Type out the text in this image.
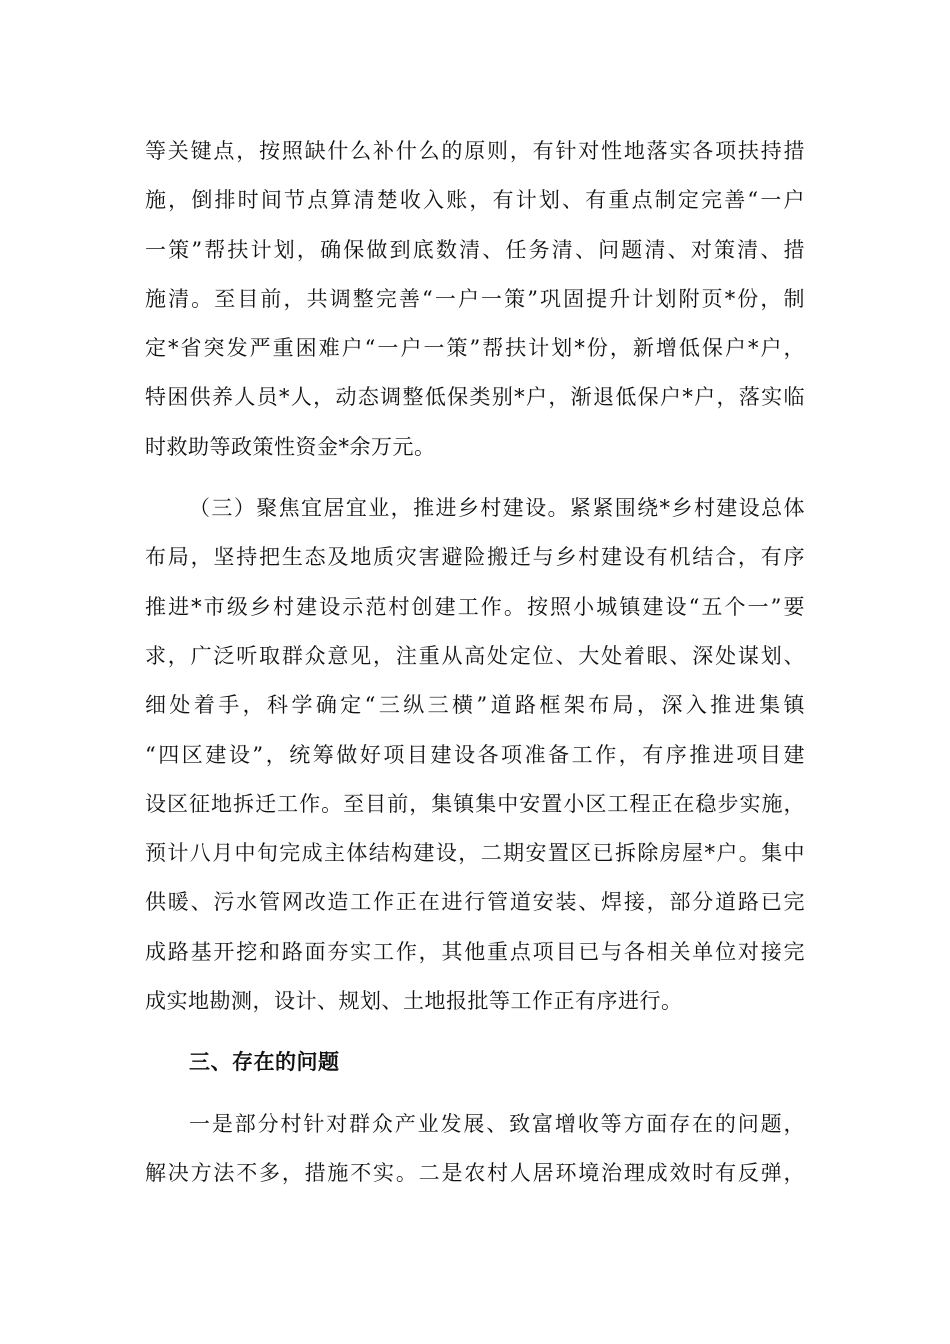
等关键点，按照缺什么补什么的原则，有针对性地落实各项扶持措
施，倒排时间节点算清楚收入账，有计划、有重点制定完善“一户
一策”帮扶计划，确保做到底数清、任务清、问题清、对策清、措
施清。至目前，共调整完善“一户一策”巩固提升计划附页*份，制
定*省突发严重困难户“一户一策”帮扶计划*份，新增低保户*户，
特困供养人员*人，动态调整低保类别*户，渐退低保户*户，落实临
时救助等政策性资金*余万元。
（三）聚焦宜居宜业，推进乡村建设。紧紧围绕*乡村建设总体
布局，坚持把生态及地质灾害避险搬迁与乡村建设有机结合，有序
推进*市级乡村建设示范村创建工作。按照小城镇建设“五个一”要
求，广泛听取群众意见，注重从高处定位、大处着眼、深处谋划、
细处着手，科学确定“三纵三横”道路框架布局，深入推进集镇
“四区建设”，统筹做好项目建设各项准备工作，有序推进项目建
设区征地拆迁工作。至目前，集镇集中安置小区工程正在稳步实施，
预计八月中旬完成主体结构建设，二期安置区已拆除房屋*户。集中
供暖、污水管网改造工作正在进行管道安装、焊接，部分道路已完
成路基开挖和路面夯实工作，其他重点项目已与各相关单位对接完
成实地勘测，设计、规划、土地报批等工作正有序进行。
三、存在的问题
一是部分村针对群众产业发展、致富增收等方面存在的问题，
解决方法不多，措施不实。二是农村人居环境治理成效时有反弹，
